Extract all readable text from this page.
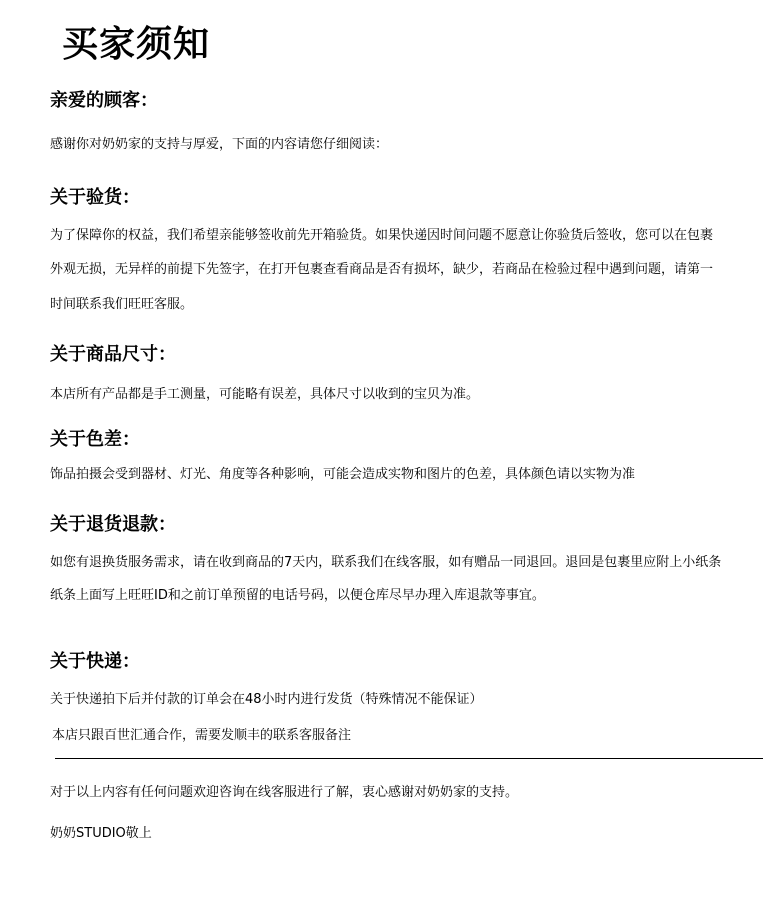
买家须知
亲爱的顾客：
感谢你对奶奶家的支持与厚爱，下面的内容请您仔细阅读：
关于验货：
为了保障你的权益，我们希望亲能够签收前先开箱验货。如果快递因时间问题不愿意让你验货后签收，您可以在包裹
外观无损，无异样的前提下先签字，在打开包裹查看商品是否有损坏，缺少，若商品在检验过程中遇到问题，请第一
时间联系我们旺旺客服。
关于商品尺寸：
本店所有产品都是手工测量，可能略有误差，具体尺寸以收到的宝贝为准。
关于色差：
饰品拍摄会受到器材、灯光、角度等各种影响，可能会造成实物和图片的色差，具体颜色请以实物为准
关于退货退款：
如您有退换货服务需求，请在收到商品的7天内，联系我们在线客服，如有赠品一同退回。退回是包裹里应附上小纸条
纸条上面写上旺旺ID和之前订单预留的电话号码，以便仓库尽早办理入库退款等事宜。
关于快递：
关于快递拍下后并付款的订单会在48小时内进行发货（特殊情况不能保证）
本店只跟百世汇通合作，需要发顺丰的联系客服备注
对于以上内容有任何问题欢迎咨询在线客服进行了解，衷心感谢对奶奶家的支持。
奶奶STUDIO敬上
